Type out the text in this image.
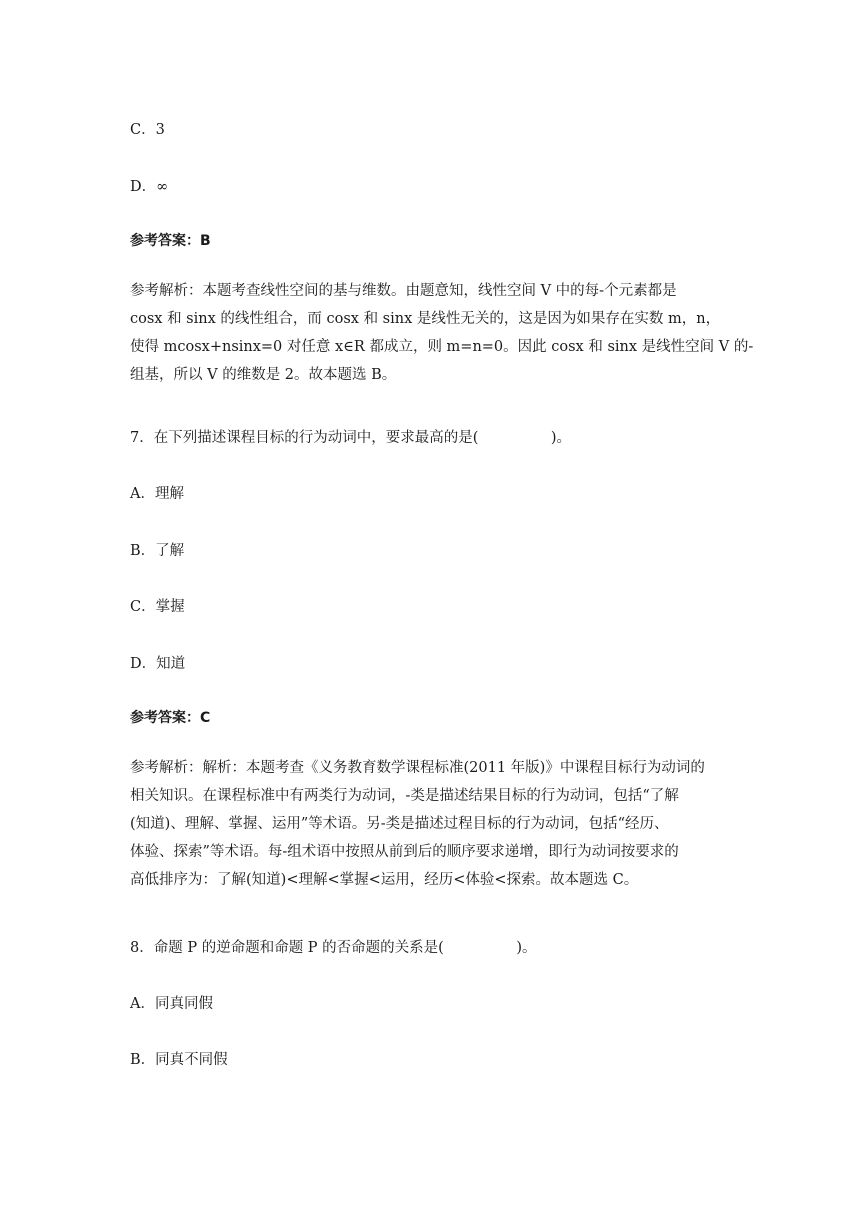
C．3
D．∞
参考答案：B
参考解析：本题考查线性空间的基与维数。由题意知，线性空间 V 中的每-个元素都是
cosx 和 sinx 的线性组合，而 cosx 和 sinx 是线性无关的，这是因为如果存在实数 m，n，
使得 mcosx+nsinx=0 对任意 x∈R 都成立，则 m=n=0。因此 cosx 和 sinx 是线性空间 V 的-
组基，所以 V 的维数是 2。故本题选 B。
7．在下列描述课程目标的行为动词中，要求最高的是(　　　　　)。
A．理解
B．了解
C．掌握
D．知道
参考答案：C
参考解析：解析：本题考查《义务教育数学课程标准(2011 年版)》中课程目标行为动词的
相关知识。在课程标准中有两类行为动词，-类是描述结果目标的行为动词，包括“了解
(知道)、理解、掌握、运用”等术语。另-类是描述过程目标的行为动词，包括“经历、
体验、探索”等术语。每-组术语中按照从前到后的顺序要求递增，即行为动词按要求的
高低排序为：了解(知道)<理解<掌握<运用，经历<体验<探索。故本题选 C。
8．命题 P 的逆命题和命题 P 的否命题的关系是(　　　　　)。
A．同真同假
B．同真不同假
